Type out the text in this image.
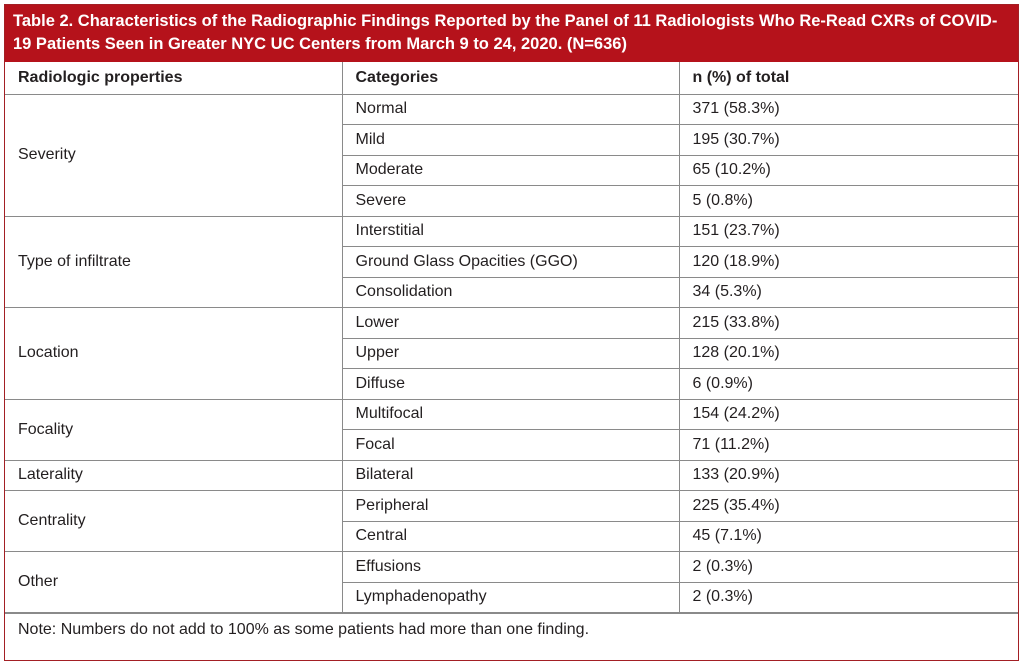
Table 2. Characteristics of the Radiographic Findings Reported by the Panel of 11 Radiologists Who Re-Read CXRs of COVID-19 Patients Seen in Greater NYC UC Centers from March 9 to 24, 2020. (N=636)
Radiologic properties	Categories	n (%) of total
Severity	Normal	371 (58.3%)
	Mild	195 (30.7%)
	Moderate	65 (10.2%)
	Severe	5 (0.8%)
Type of infiltrate	Interstitial	151 (23.7%)
	Ground Glass Opacities (GGO)	120 (18.9%)
	Consolidation	34 (5.3%)
Location	Lower	215 (33.8%)
	Upper	128 (20.1%)
	Diffuse	6 (0.9%)
Focality	Multifocal	154 (24.2%)
	Focal	71 (11.2%)
Laterality	Bilateral	133 (20.9%)
Centrality	Peripheral	225 (35.4%)
	Central	45 (7.1%)
Other	Effusions	2 (0.3%)
	Lymphadenopathy	2 (0.3%)
Note: Numbers do not add to 100% as some patients had more than one finding.
